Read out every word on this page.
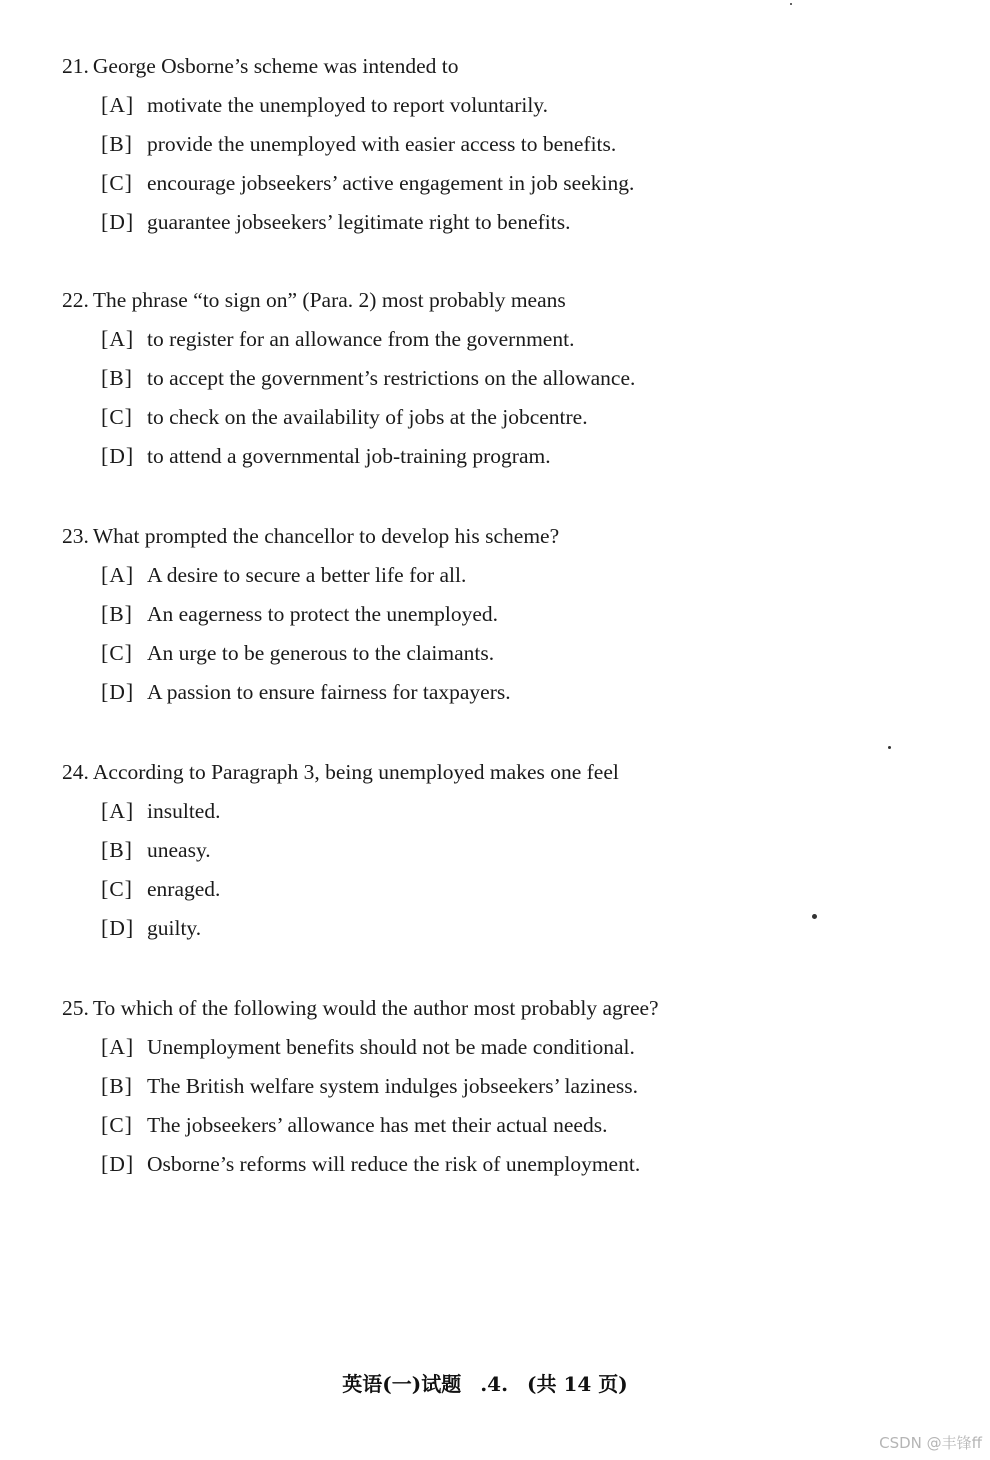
21. George Osborne’s scheme was intended to
[A] motivate the unemployed to report voluntarily.
[B] provide the unemployed with easier access to benefits.
[C] encourage jobseekers’ active engagement in job seeking.
[D] guarantee jobseekers’ legitimate right to benefits.
22. The phrase “to sign on” (Para. 2) most probably means
[A] to register for an allowance from the government.
[B] to accept the government’s restrictions on the allowance.
[C] to check on the availability of jobs at the jobcentre.
[D] to attend a governmental job-training program.
23. What prompted the chancellor to develop his scheme?
[A] A desire to secure a better life for all.
[B] An eagerness to protect the unemployed.
[C] An urge to be generous to the claimants.
[D] A passion to ensure fairness for taxpayers.
24. According to Paragraph 3, being unemployed makes one feel
[A] insulted.
[B] uneasy.
[C] enraged.
[D] guilty.
25. To which of the following would the author most probably agree?
[A] Unemployment benefits should not be made conditional.
[B] The British welfare system indulges jobseekers’ laziness.
[C] The jobseekers’ allowance has met their actual needs.
[D] Osborne’s reforms will reduce the risk of unemployment.
英语(一)试题 .4. (共 14 页)
CSDN @丰锋ff
